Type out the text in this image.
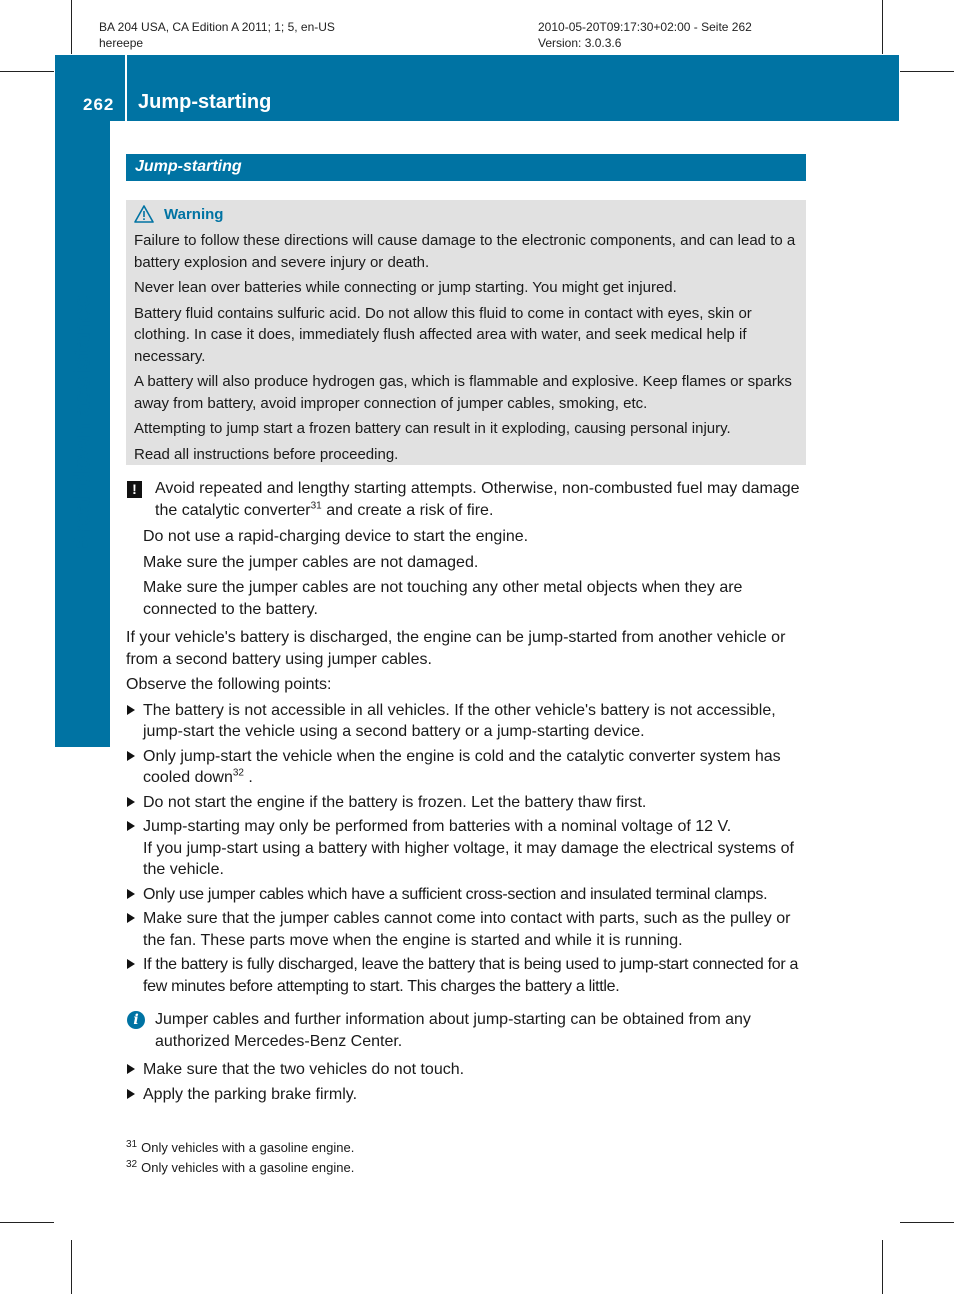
BA 204 USA, CA Edition A 2011; 1; 5, en-US
hereepe
2010-05-20T09:17:30+02:00 - Seite 262
Version: 3.0.3.6
262 Jump-starting
Breakdown assistance
Jump-starting
Warning

Failure to follow these directions will cause damage to the electronic components, and can lead to a battery explosion and severe injury or death.

Never lean over batteries while connecting or jump starting. You might get injured.

Battery fluid contains sulfuric acid. Do not allow this fluid to come in contact with eyes, skin or clothing. In case it does, immediately flush affected area with water, and seek medical help if necessary.

A battery will also produce hydrogen gas, which is flammable and explosive. Keep flames or sparks away from battery, avoid improper connection of jumper cables, smoking, etc.

Attempting to jump start a frozen battery can result in it exploding, causing personal injury.

Read all instructions before proceeding.

!	Avoid repeated and lengthy starting attempts. Otherwise, non-combusted fuel may damage the catalytic converter$^{31}$ and create a risk of fire.

Do not use a rapid-charging device to start the engine.

Make sure the jumper cables are not damaged.

Make sure the jumper cables are not touching any other metal objects when they are connected to the battery.

If your vehicle's battery is discharged, the engine can be jump-started from another vehicle or from a second battery using jumper cables.

Observe the following points:

The battery is not accessible in all vehicles. If the other vehicle's battery is not accessible, jump-start the vehicle using a second battery or a jump-starting device.
Only jump-start the vehicle when the engine is cold and the catalytic converter system has cooled down$^{32}$ .
Do not start the engine if the battery is frozen. Let the battery thaw first.
Jump-starting may only be performed from batteries with a nominal voltage of 12 V.
If you jump-start using a battery with higher voltage, it may damage the electrical systems of the vehicle.
Only use jumper cables which have a sufficient cross-section and insulated terminal clamps.
Make sure that the jumper cables cannot come into contact with parts, such as the pulley or the fan. These parts move when the engine is started and while it is running.
If the battery is fully discharged, leave the battery that is being used to jump-start connected for a few minutes before attempting to start. This charges the battery a little.
i	Jumper cables and further information about jump-starting can be obtained from any authorized Mercedes-Benz Center.

Make sure that the two vehicles do not touch.
Apply the parking brake firmly.
$^{31}$ Only vehicles with a gasoline engine.
$^{32}$ Only vehicles with a gasoline engine.
